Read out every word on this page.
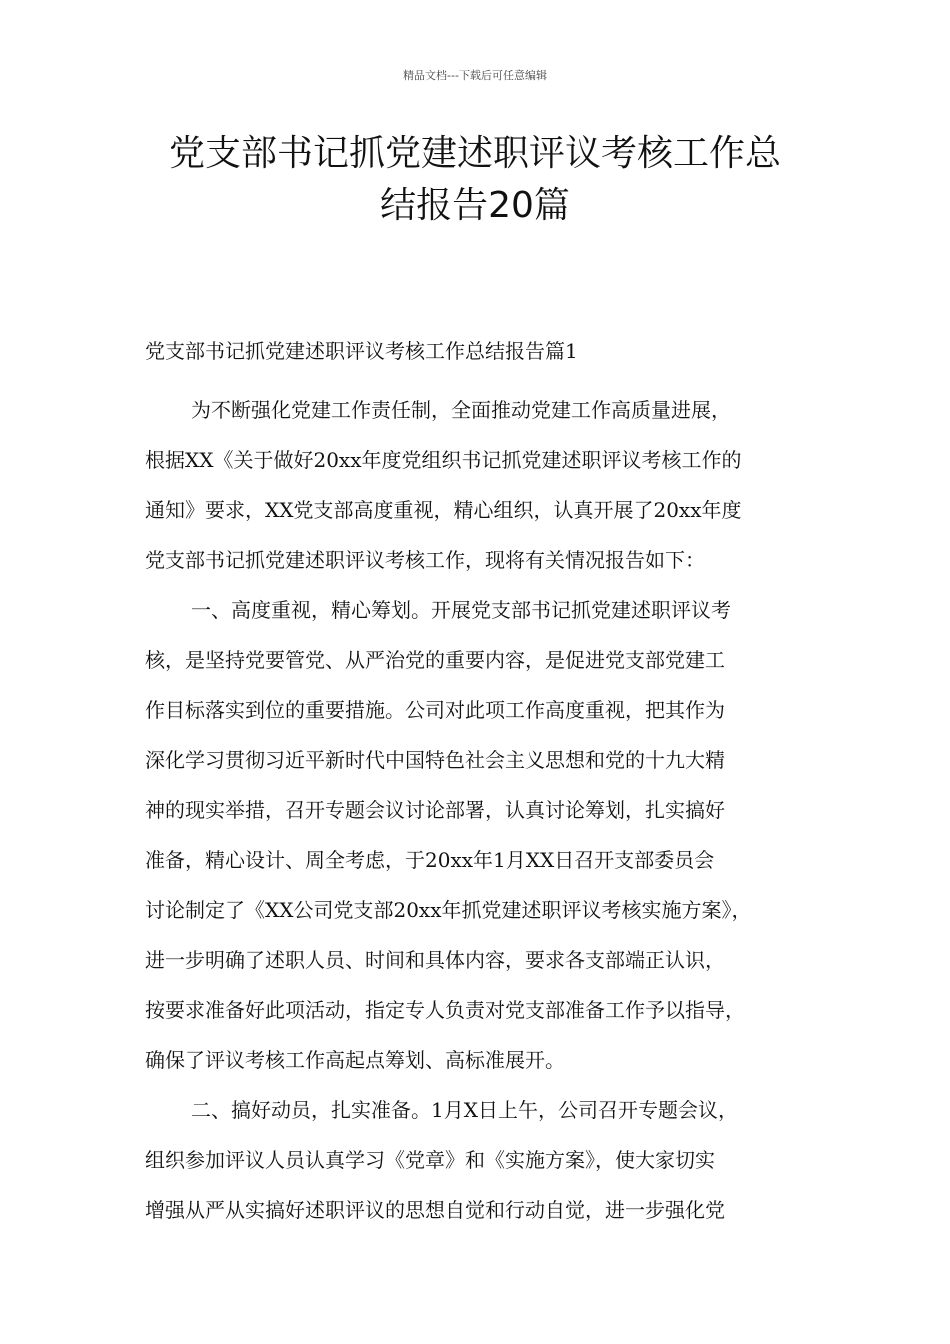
精品文档---下载后可任意编辑
党支部书记抓党建述职评议考核工作总
结报告20篇
党支部书记抓党建述职评议考核工作总结报告篇1
为不断强化党建工作责任制，全面推动党建工作高质量进展，
根据XX《关于做好20xx年度党组织书记抓党建述职评议考核工作的
通知》要求，XX党支部高度重视，精心组织，认真开展了20xx年度
党支部书记抓党建述职评议考核工作，现将有关情况报告如下：
一、高度重视，精心筹划。开展党支部书记抓党建述职评议考
核，是坚持党要管党、从严治党的重要内容，是促进党支部党建工
作目标落实到位的重要措施。公司对此项工作高度重视，把其作为
深化学习贯彻习近平新时代中国特色社会主义思想和党的十九大精
神的现实举措，召开专题会议讨论部署，认真讨论筹划，扎实搞好
准备，精心设计、周全考虑，于20xx年1月XX日召开支部委员会
讨论制定了《XX公司党支部20xx年抓党建述职评议考核实施方案》，
进一步明确了述职人员、时间和具体内容，要求各支部端正认识，
按要求准备好此项活动，指定专人负责对党支部准备工作予以指导，
确保了评议考核工作高起点筹划、高标准展开。
二、搞好动员，扎实准备。1月X日上午，公司召开专题会议，
组织参加评议人员认真学习《党章》和《实施方案》，使大家切实
增强从严从实搞好述职评议的思想自觉和行动自觉，进一步强化党
